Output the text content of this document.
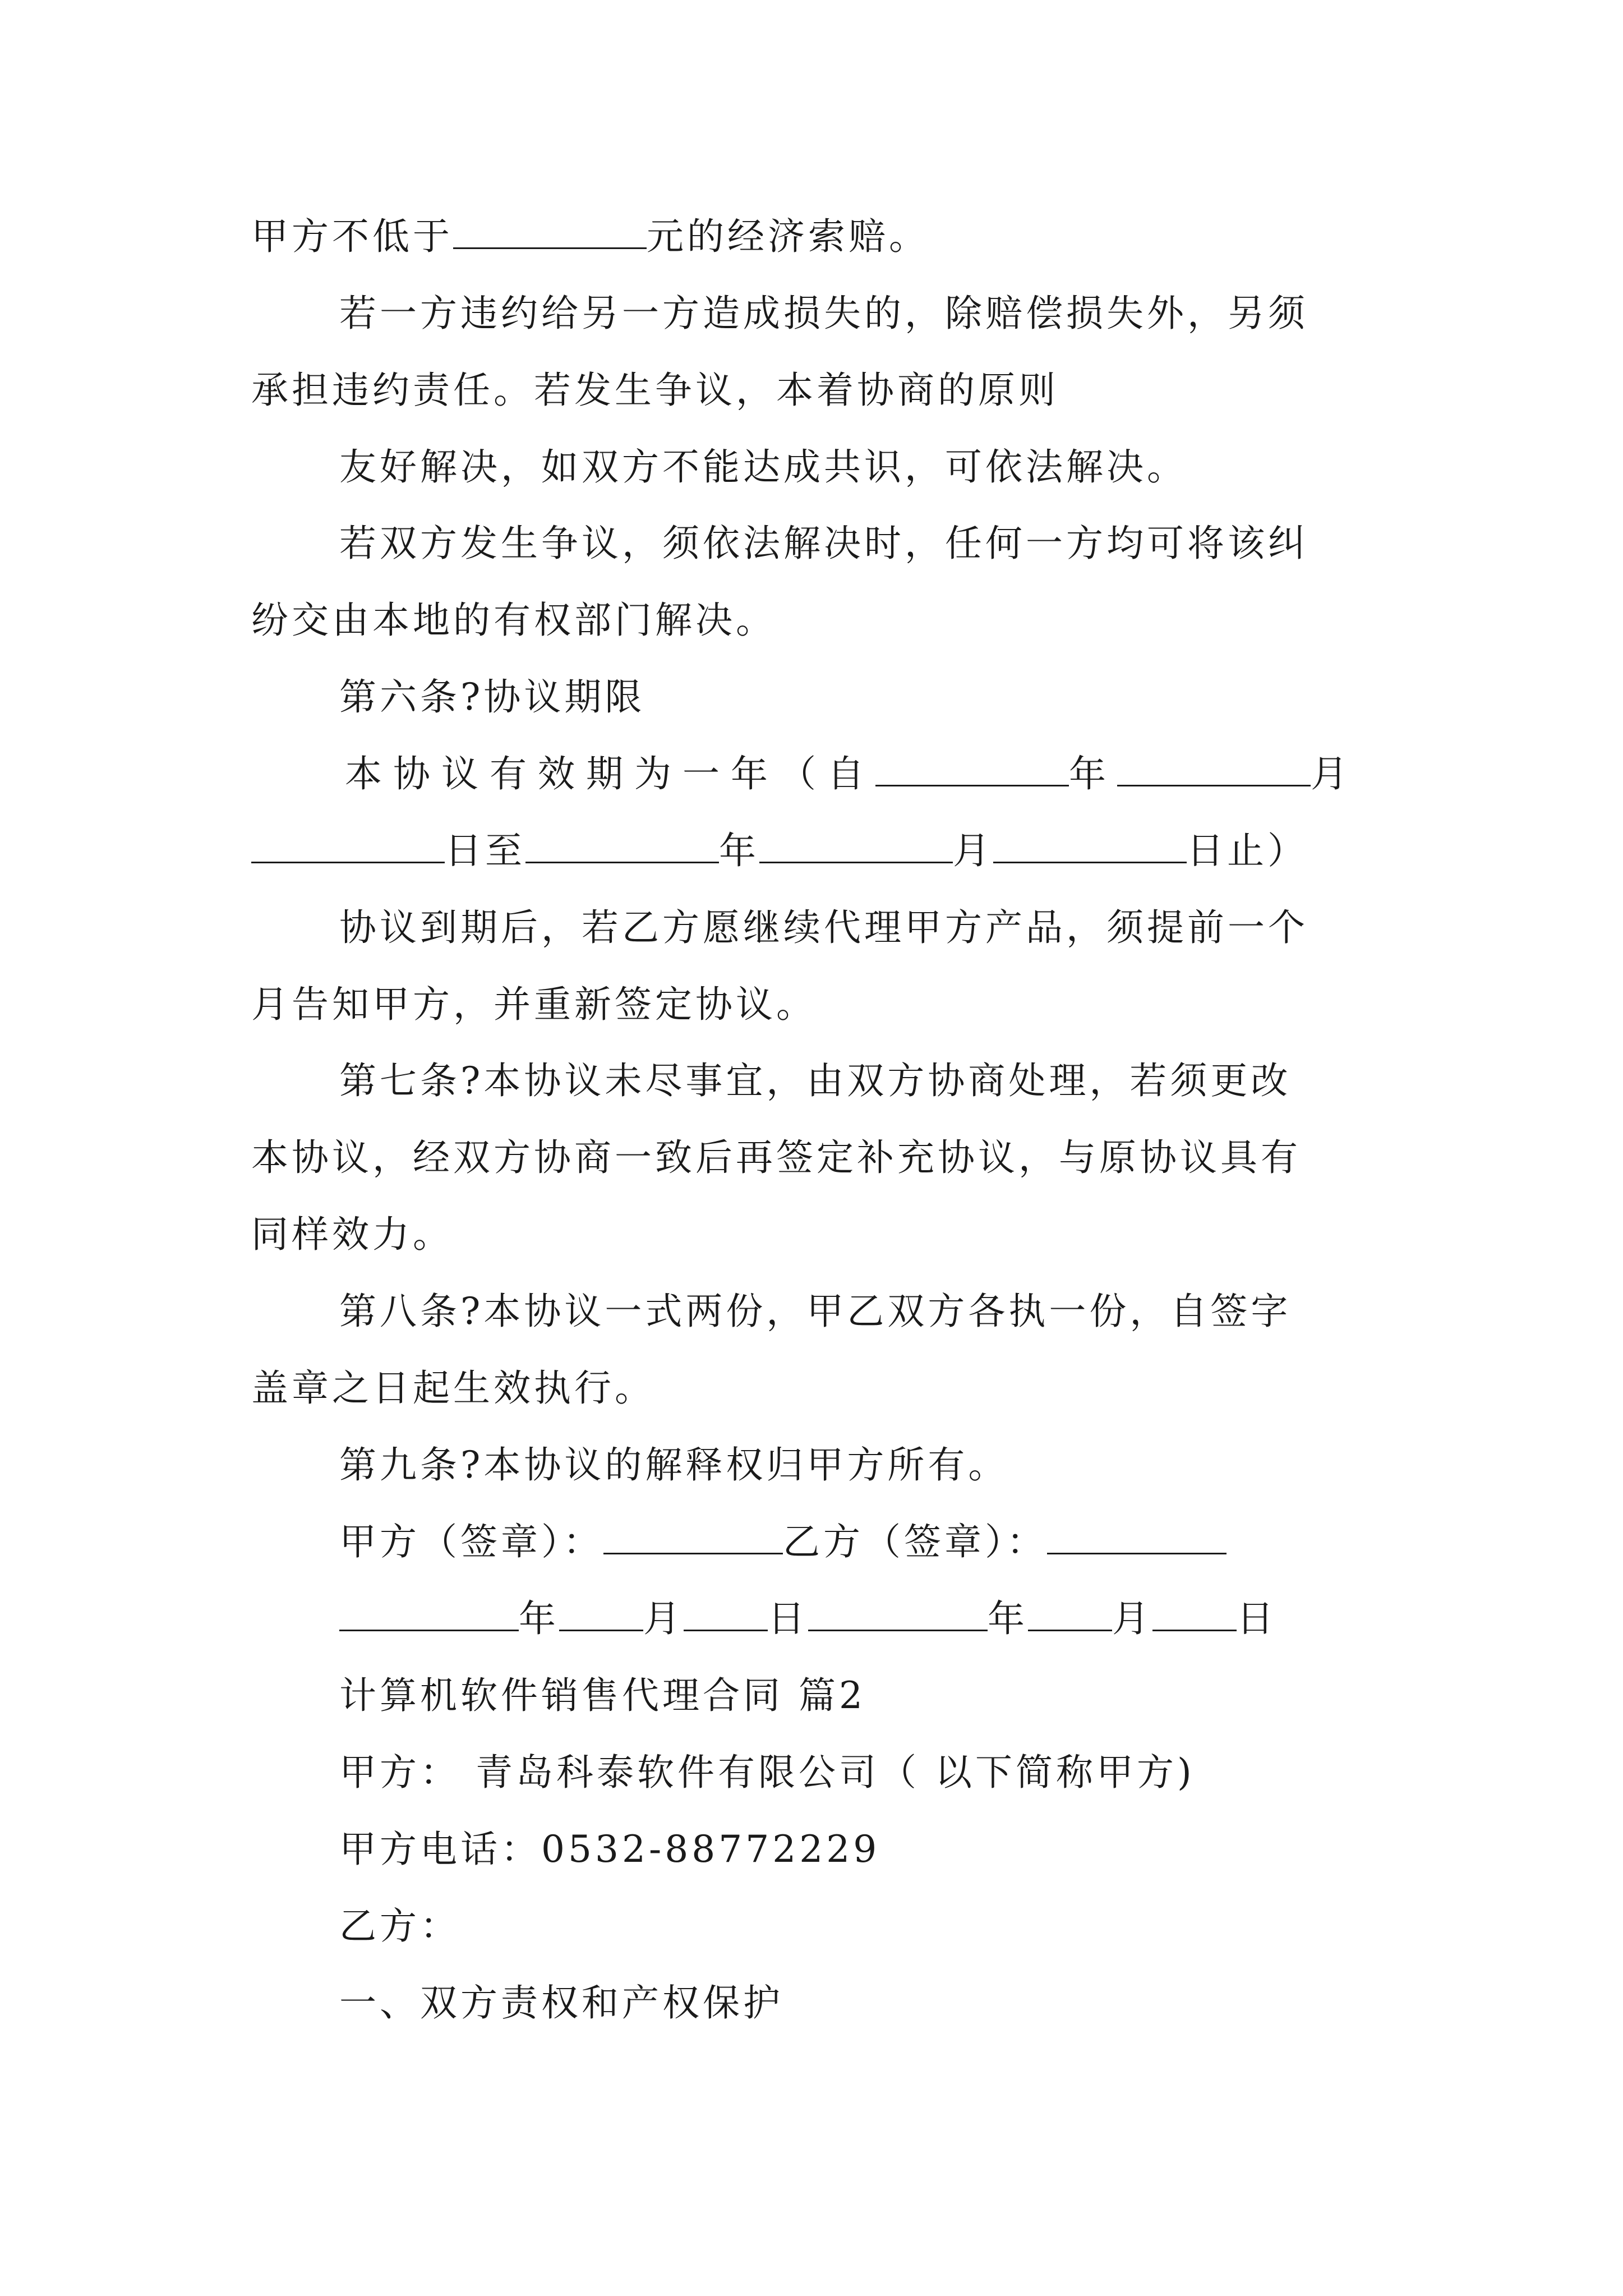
甲方不低于	元的经济索赔。
若一方违约给另一方造成损失的，除赔偿损失外，另须
承担违约责任。若发生争议，本着协商的原则
友好解决，如双方不能达成共识，可依法解决。
若双方发生争议，须依法解决时，任何一方均可将该纠
纷交由本地的有权部门解决。
第六条?协议期限
本协议有效期为一年（自	年	月
日至	年	月	日止）
协议到期后，若乙方愿继续代理甲方产品，须提前一个
月告知甲方，并重新签定协议。
第七条?本协议未尽事宜，由双方协商处理，若须更改
本协议，经双方协商一致后再签定补充协议，与原协议具有
同样效力。
第八条?本协议一式两份，甲乙双方各执一份，自签字
盖章之日起生效执行。
第九条?本协议的解释权归甲方所有。
甲方（签章）：	乙方（签章）：
年 月 日	年 月 日
计算机软件销售代理合同 篇2
甲方： 青岛科泰软件有限公司（ 以下简称甲方)
甲方电话：0532-88772229
乙方：
一、双方责权和产权保护
